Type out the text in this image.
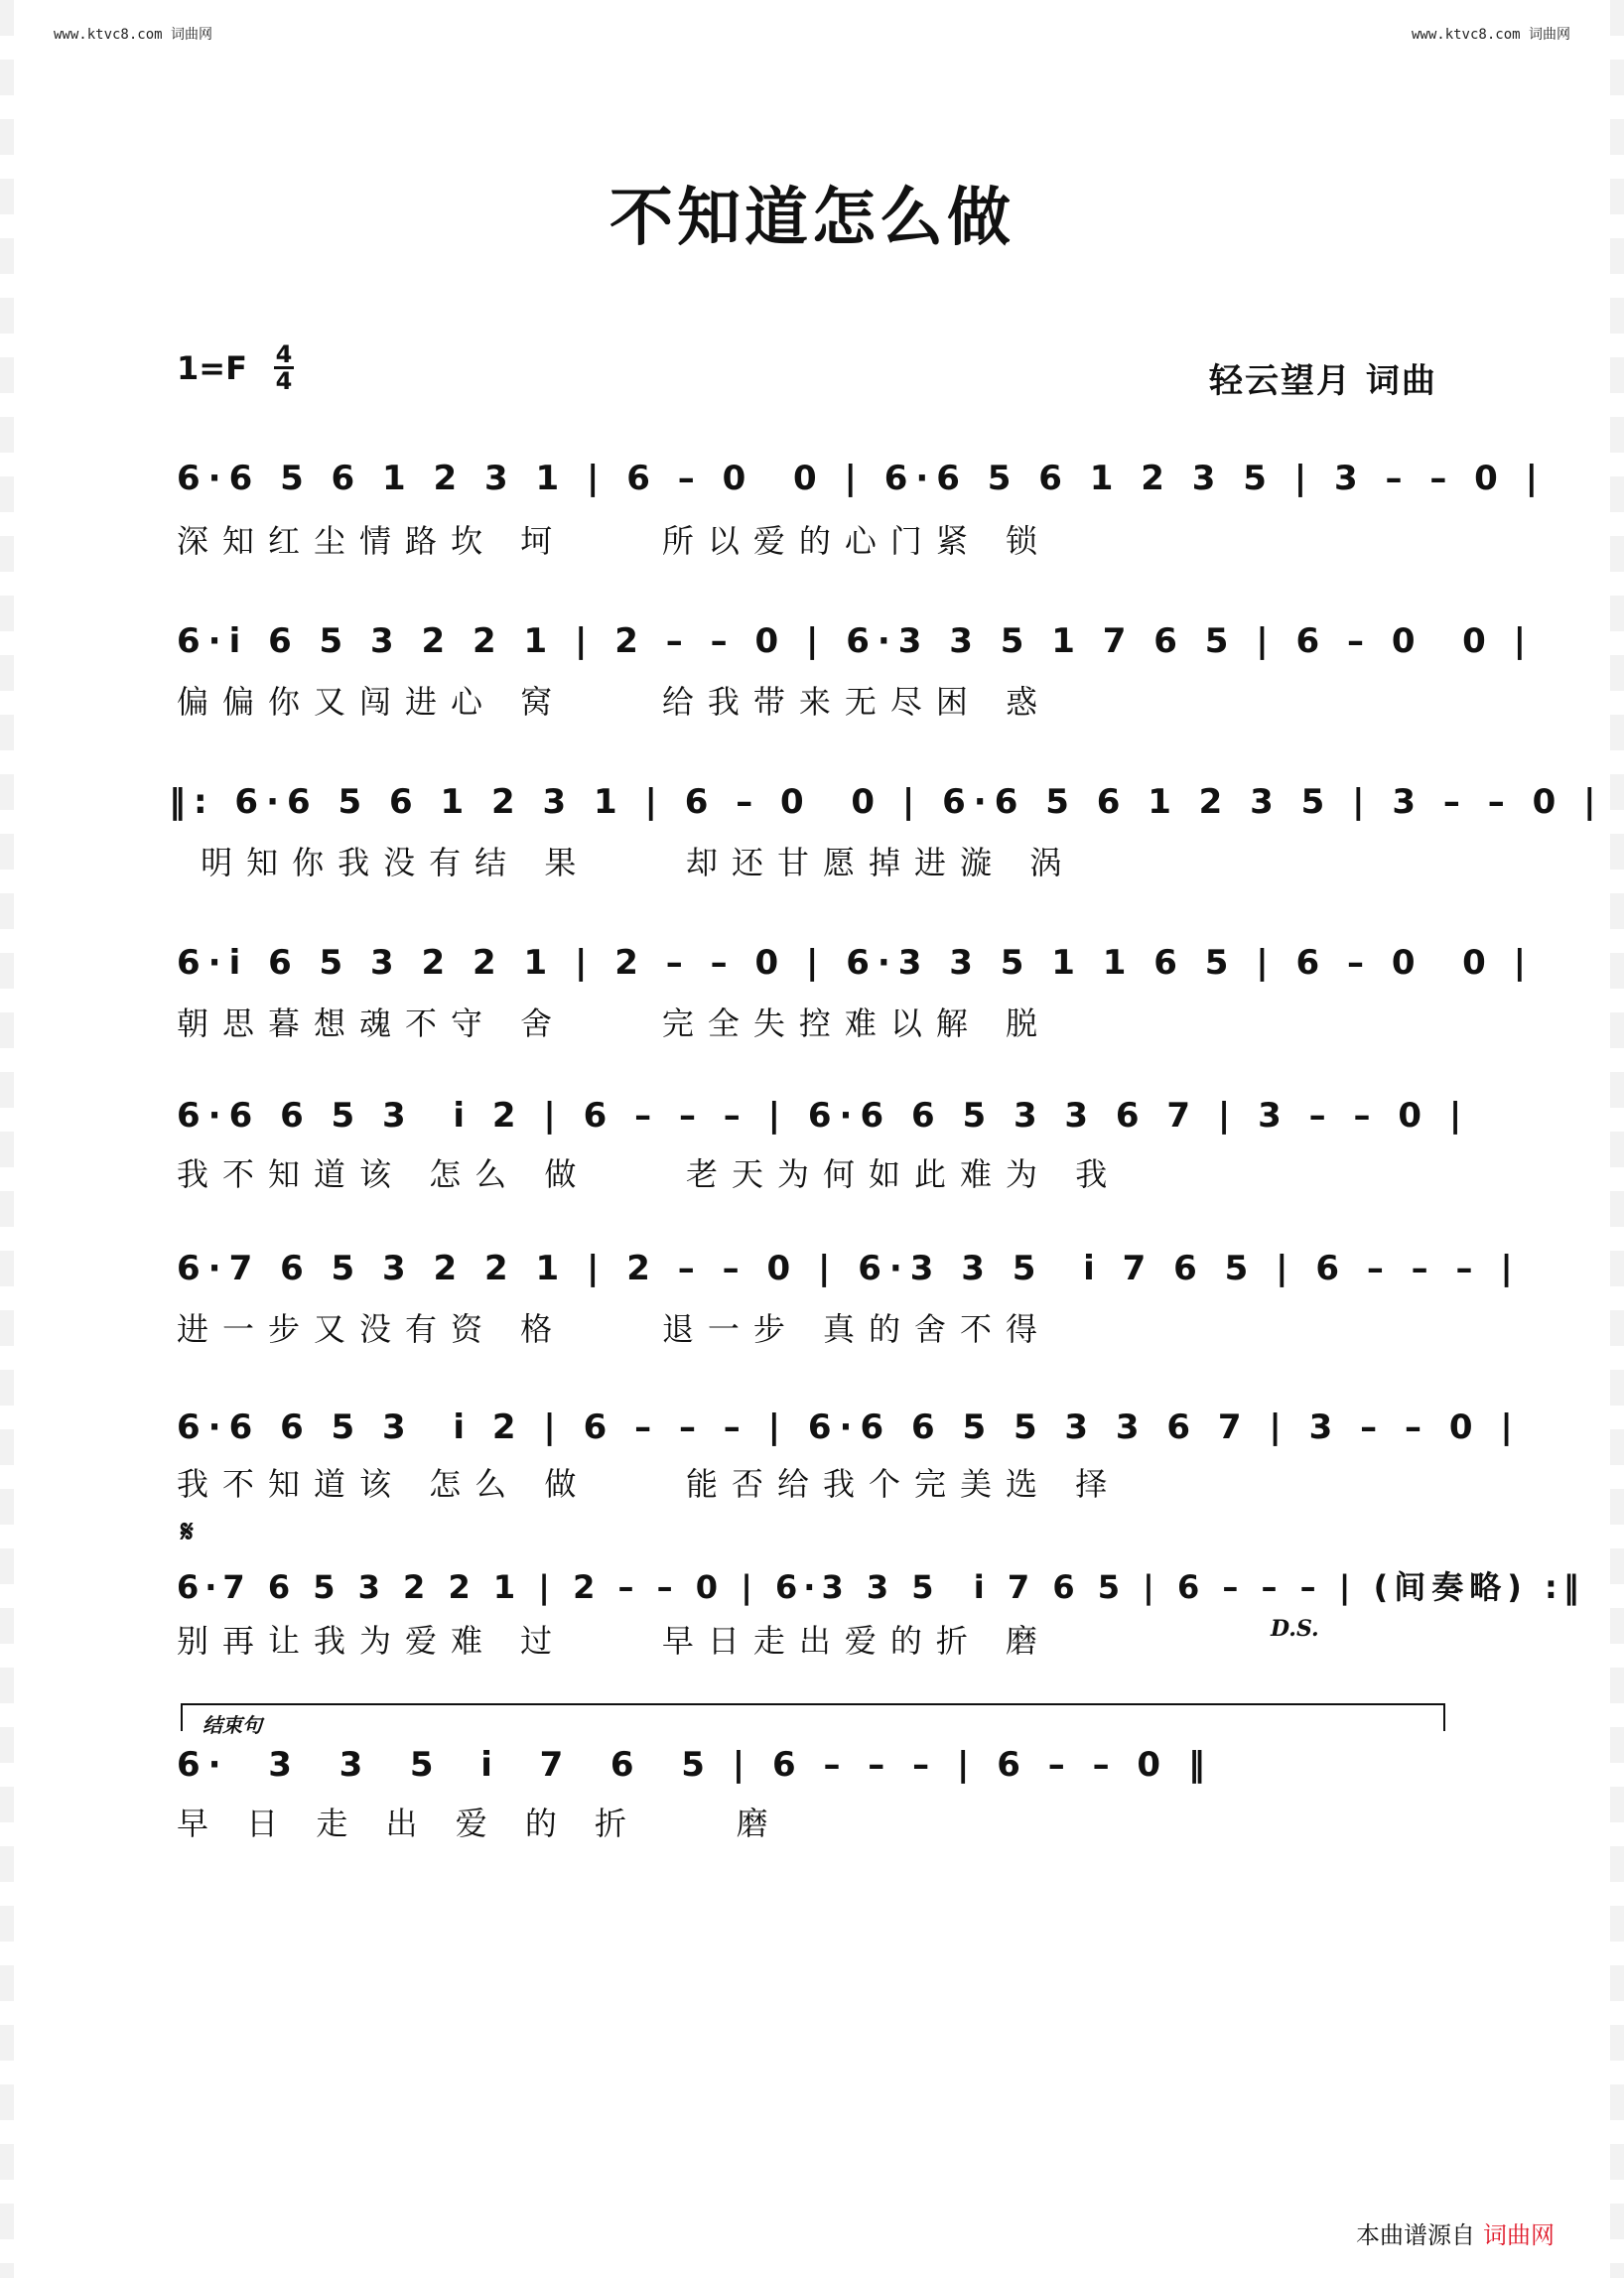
www.ktvc8.com 词曲网	www.ktvc8.com 词曲网
不知道怎么做
1=F 4
4	轻云望月 词曲
6·6 5 6 1 2 3 1 | 6 – 0  0 | 6·6 5 6 1 2 3 5 | 3 – – 0 |
深知红尘情路坎 坷    所以爱的心门紧 锁
6·i 6 5 3 2 2 1 | 2 – – 0 | 6·3 3 5 1 7 6 5 | 6 – 0  0 |
偏偏你又闯进心 窝    给我带来无尽困 惑
‖: 6·6 5 6 1 2 3 1 | 6 – 0  0 | 6·6 5 6 1 2 3 5 | 3 – – 0 |
明知你我没有结 果    却还甘愿掉进漩 涡
6·i 6 5 3 2 2 1 | 2 – – 0 | 6·3 3 5 1 1 6 5 | 6 – 0  0 |
朝思暮想魂不守 舍    完全失控难以解 脱
6·6 6 5 3  i 2 | 6 – – – | 6·6 6 5 3 3 6 7 | 3 – – 0 |
我不知道该 怎么 做    老天为何如此难为 我
6·7 6 5 3 2 2 1 | 2 – – 0 | 6·3 3 5  i 7 6 5 | 6 – – – |
进一步又没有资 格    退一步 真的舍不得
6·6 6 5 3  i 2 | 6 – – – | 6·6 6 5 5 3 3 6 7 | 3 – – 0 |
我不知道该 怎么 做    能否给我个完美选 择
𝄋
6·7 6 5 3 2 2 1 | 2 – – 0 | 6·3 3 5  i 7 6 5 | 6 – – – | (间奏略) :‖
别再让我为爱难 过    早日走出爱的折 磨	D.S.
结束句
6·  3  3  5  i  7  6  5 | 6 – – – | 6 – – 0 ‖
早 日 走 出 爱 的 折    磨
本曲谱源自 词曲网
